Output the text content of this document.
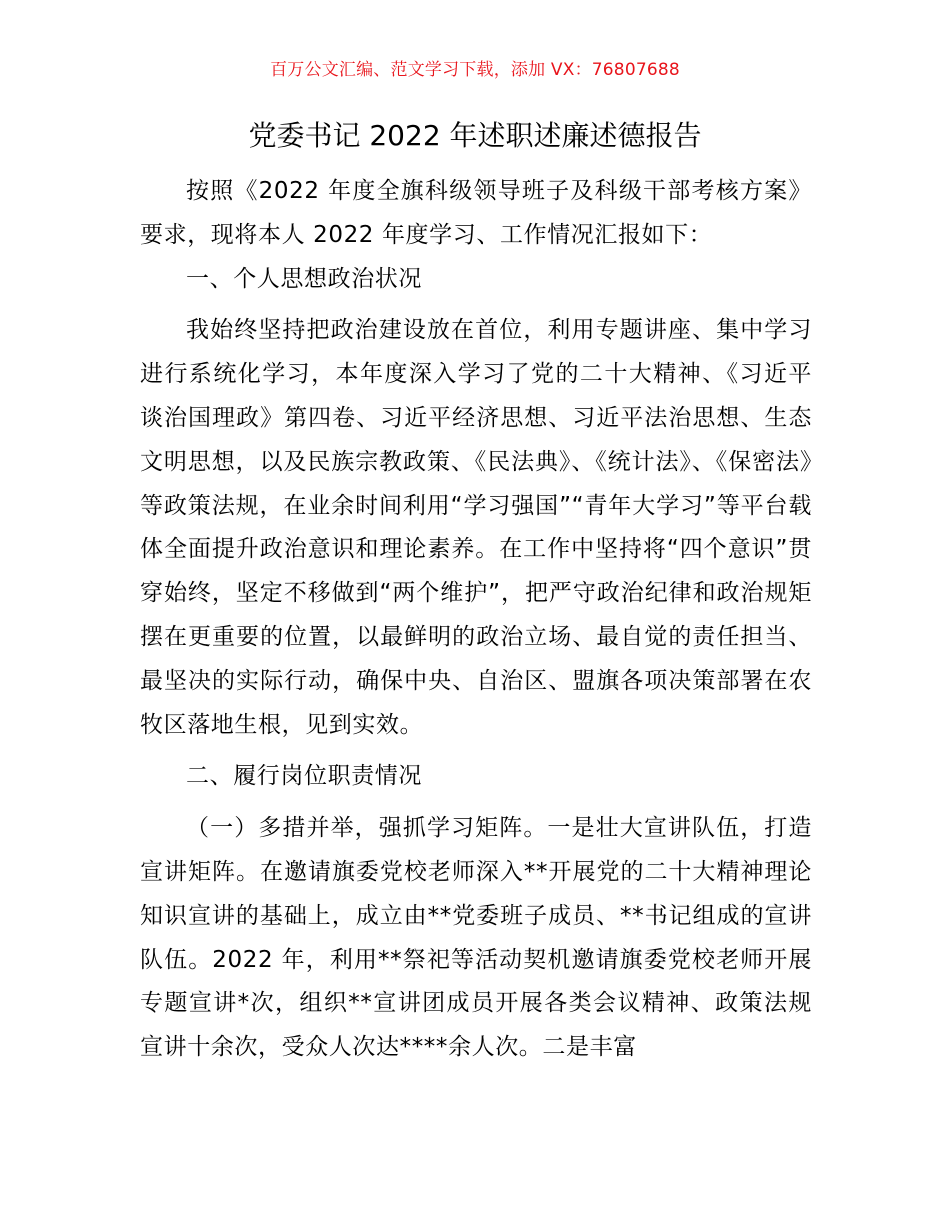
百万公文汇编、范文学习下载，添加 VX：76807688
党委书记 2022 年述职述廉述德报告

按照《2022 年度全旗科级领导班子及科级干部考核方案》要求，现将本人 2022 年度学习、工作情况汇报如下：

一、个人思想政治状况

我始终坚持把政治建设放在首位，利用专题讲座、集中学习进行系统化学习，本年度深入学习了党的二十大精神、《习近平谈治国理政》第四卷、习近平经济思想、习近平法治思想、生态文明思想，以及民族宗教政策、《民法典》、《统计法》、《保密法》等政策法规，在业余时间利用“学习强国”“青年大学习”等平台载体全面提升政治意识和理论素养。在工作中坚持将“四个意识”贯穿始终，坚定不移做到“两个维护”，把严守政治纪律和政治规矩摆在更重要的位置，以最鲜明的政治立场、最自觉的责任担当、最坚决的实际行动，确保中央、自治区、盟旗各项决策部署在农牧区落地生根，见到实效。

二、履行岗位职责情况

（一）多措并举，强抓学习矩阵。一是壮大宣讲队伍，打造宣讲矩阵。在邀请旗委党校老师深入**开展党的二十大精神理论知识宣讲的基础上，成立由**党委班子成员、**书记组成的宣讲队伍。2022 年，利用**祭祀等活动契机邀请旗委党校老师开展专题宣讲*次，组织**宣讲团成员开展各类会议精神、政策法规宣讲十余次，受众人次达****余人次。二是丰富
